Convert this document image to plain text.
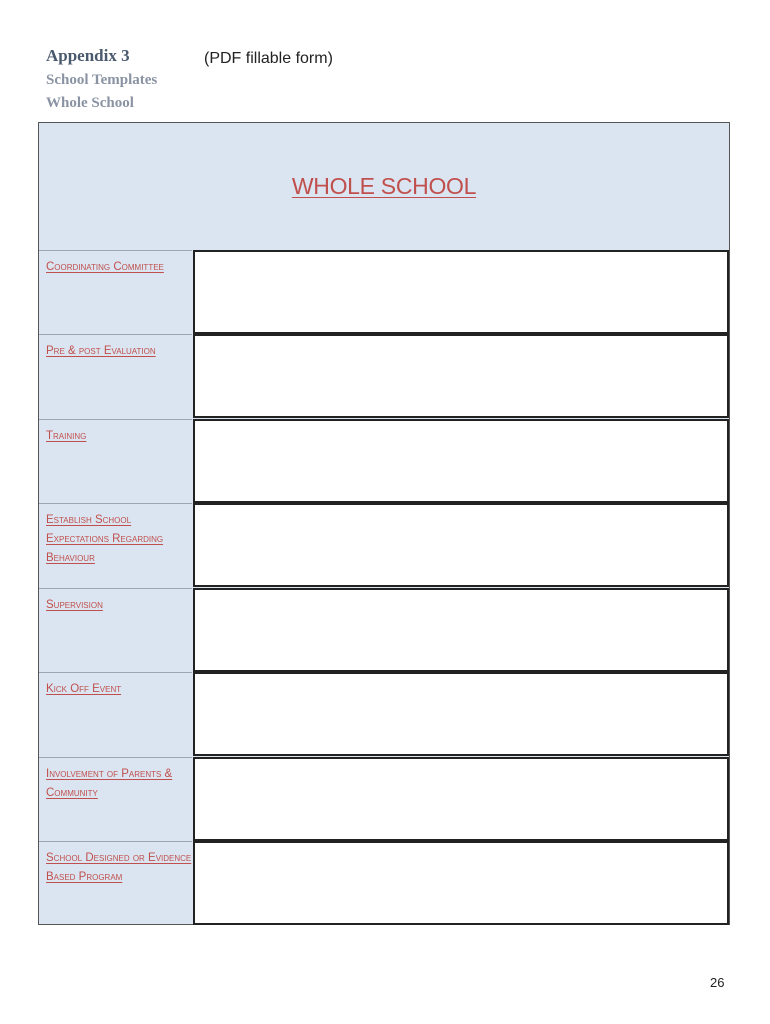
Appendix 3	(PDF fillable form)
School Templates
Whole School
WHOLE SCHOOL
Coordinating Committee
Pre & post Evaluation
Training
Establish School Expectations Regarding Behaviour
Supervision
Kick Off Event
Involvement of Parents & Community
School Designed or Evidence Based Program
26
